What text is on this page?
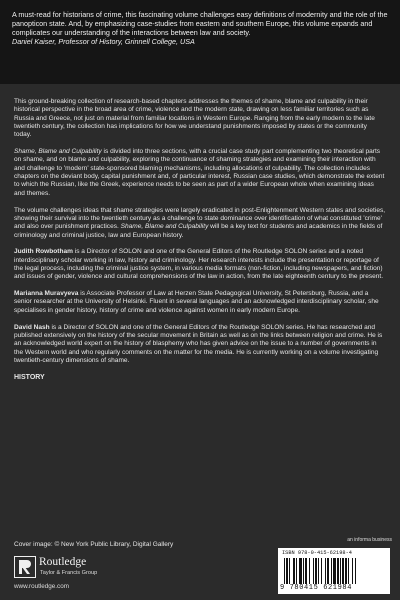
A must-read for historians of crime, this fascinating volume challenges easy definitions of modernity and the role of the panopticon state. And, by emphasizing case-studies from eastern and southern Europe, this volume expands and complicates our understanding of the interactions between law and society.
Daniel Kaiser, Professor of History, Grinnell College, USA

This ground-breaking collection of research-based chapters addresses the themes of shame, blame and culpability in their historical perspective in the broad area of crime, violence and the modern state, drawing on less familiar territories such as Russia and Greece, not just on material from familiar locations in Western Europe. Ranging from the early modern to the late twentieth century, the collection has implications for how we understand punishments imposed by states or the community today.

Shame, Blame and Culpability is divided into three sections, with a crucial case study part complementing two theoretical parts on shame, and on blame and culpability, exploring the continuance of shaming strategies and examining their interaction with and challenge to 'modern' state-sponsored blaming mechanisms, including allocations of culpability. The collection includes chapters on the deviant body, capital punishment and, of particular interest, Russian case studies, which demonstrate the extent to which the Russian, like the Greek, experience needs to be seen as part of a wider European whole when examining ideas and themes.

The volume challenges ideas that shame strategies were largely eradicated in post-Enlightenment Western states and societies, showing their survival into the twentieth century as a challenge to state dominance over identification of what constituted 'crime' and also over punishment practices. Shame, Blame and Culpability will be a key text for students and academics in the fields of criminology and criminal justice, law and European history.

Judith Rowbotham is a Director of SOLON and one of the General Editors of the Routledge SOLON series and a noted interdisciplinary scholar working in law, history and criminology. Her research interests include the presentation or reportage of the legal process, including the criminal justice system, in various media formats (non-fiction, including newspapers, and fiction) and issues of gender, violence and cultural comprehensions of the law in action, from the late eighteenth century to the present.

Marianna Muravyeva is Associate Professor of Law at Herzen State Pedagogical University, St Petersburg, Russia, and a senior researcher at the University of Helsinki. Fluent in several languages and an acknowledged interdisciplinary scholar, she specialises in gender history, history of crime and violence against women in early modern Europe.

David Nash is a Director of SOLON and one of the General Editors of the Routledge SOLON series. He has researched and published extensively on the history of the secular movement in Britain as well as on the links between religion and crime. He is an acknowledged world expert on the history of blasphemy who has given advice on the issue to a number of governments in the Western world and who regularly comments on the matter for the media. He is currently working on a volume investigating twentieth-century dimensions of shame.

HISTORY

Cover image: © New York Public Library, Digital Gallery
Routledge
Taylor & Francis Group
www.routledge.com
an informa business
ISBN 978-0-415-62198-4
9 780415 621984
